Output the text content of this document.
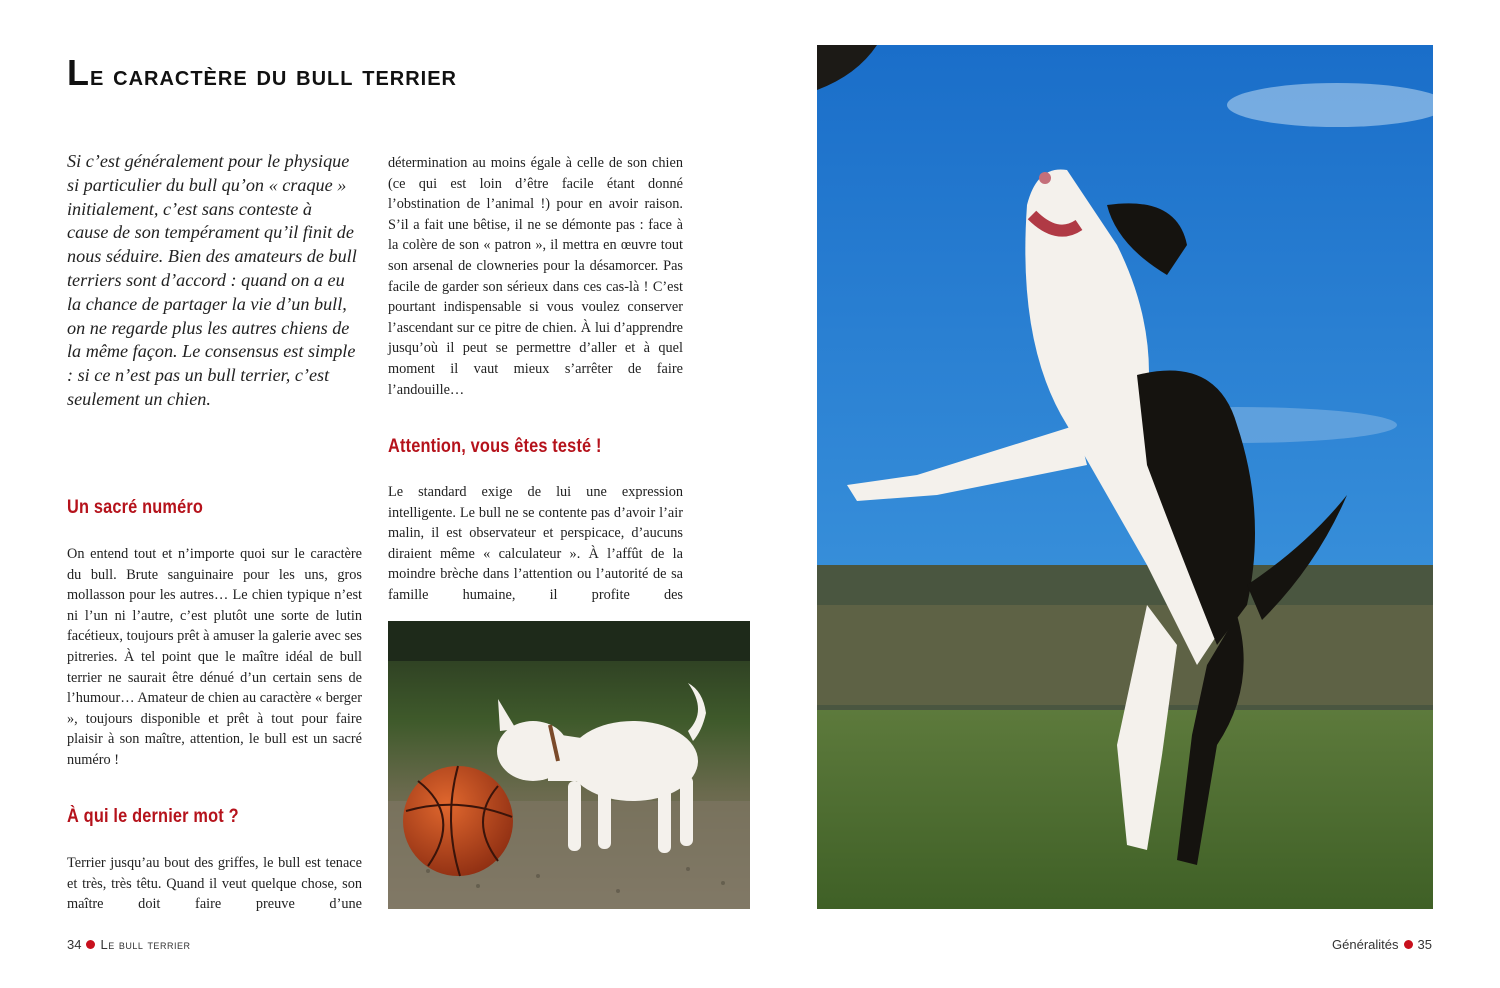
Le caractère du bull terrier

Si c’est généralement pour le physique si particulier du bull qu’on « craque » initialement, c’est sans conteste à cause de son tempérament qu’il finit de nous séduire. Bien des amateurs de bull terriers sont d’accord : quand on a eu la chance de partager la vie d’un bull, on ne regarde plus les autres chiens de la même façon. Le consensus est simple : si ce n’est pas un bull terrier, c’est seulement un chien.

Un sacré numéro

On entend tout et n’importe quoi sur le caractère du bull. Brute sanguinaire pour les uns, gros mollasson pour les autres… Le chien typique n’est ni l’un ni l’autre, c’est plutôt une sorte de lutin facétieux, toujours prêt à amuser la galerie avec ses pitreries. À tel point que le maître idéal de bull terrier ne saurait être dénué d’un certain sens de l’humour… Amateur de chien au caractère « berger », toujours disponible et prêt à tout pour faire plaisir à son maître, attention, le bull est un sacré numéro !

À qui le dernier mot ?

Terrier jusqu’au bout des griffes, le bull est tenace et très, très têtu. Quand il veut quelque chose, son maître doit faire preuve d’une

détermination au moins égale à celle de son chien (ce qui est loin d’être facile étant donné l’obstination de l’animal !) pour en avoir raison. S’il a fait une bêtise, il ne se démonte pas : face à la colère de son « patron », il mettra en œuvre tout son arsenal de clowneries pour la désamorcer. Pas facile de garder son sérieux dans ces cas-là ! C’est pourtant indispensable si vous voulez conserver l’ascendant sur ce pitre de chien. À lui d’apprendre jusqu’où il peut se permettre d’aller et à quel moment il vaut mieux s’arrêter de faire l’andouille…

Attention, vous êtes testé !

Le standard exige de lui une expression intelligente. Le bull ne se contente pas d’avoir l’air malin, il est observateur et perspicace, d’aucuns diraient même « calculateur ». À l’affût de la moindre brèche dans l’attention ou l’autorité de sa famille humaine, il profite des

34 Le bull terrier	Généralités 35
